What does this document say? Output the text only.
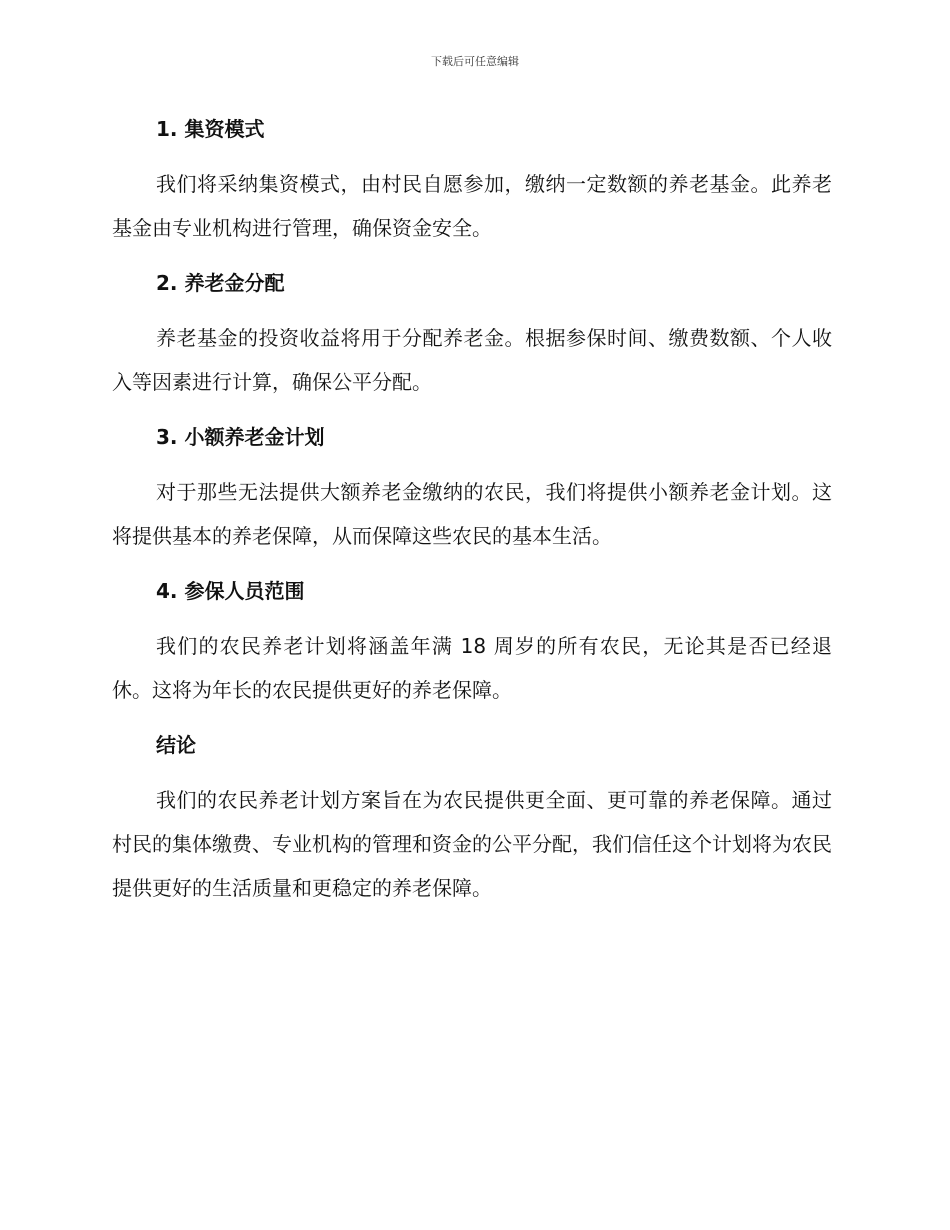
下载后可任意编辑
1. 集资模式

我们将采纳集资模式，由村民自愿参加，缴纳一定数额的养老基金。此养老基金由专业机构进行管理，确保资金安全。

2. 养老金分配

养老基金的投资收益将用于分配养老金。根据参保时间、缴费数额、个人收入等因素进行计算，确保公平分配。

3. 小额养老金计划

对于那些无法提供大额养老金缴纳的农民，我们将提供小额养老金计划。这将提供基本的养老保障，从而保障这些农民的基本生活。

4. 参保人员范围

我们的农民养老计划将涵盖年满 18 周岁的所有农民，无论其是否已经退休。这将为年长的农民提供更好的养老保障。

结论

我们的农民养老计划方案旨在为农民提供更全面、更可靠的养老保障。通过村民的集体缴费、专业机构的管理和资金的公平分配，我们信任这个计划将为农民提供更好的生活质量和更稳定的养老保障。
